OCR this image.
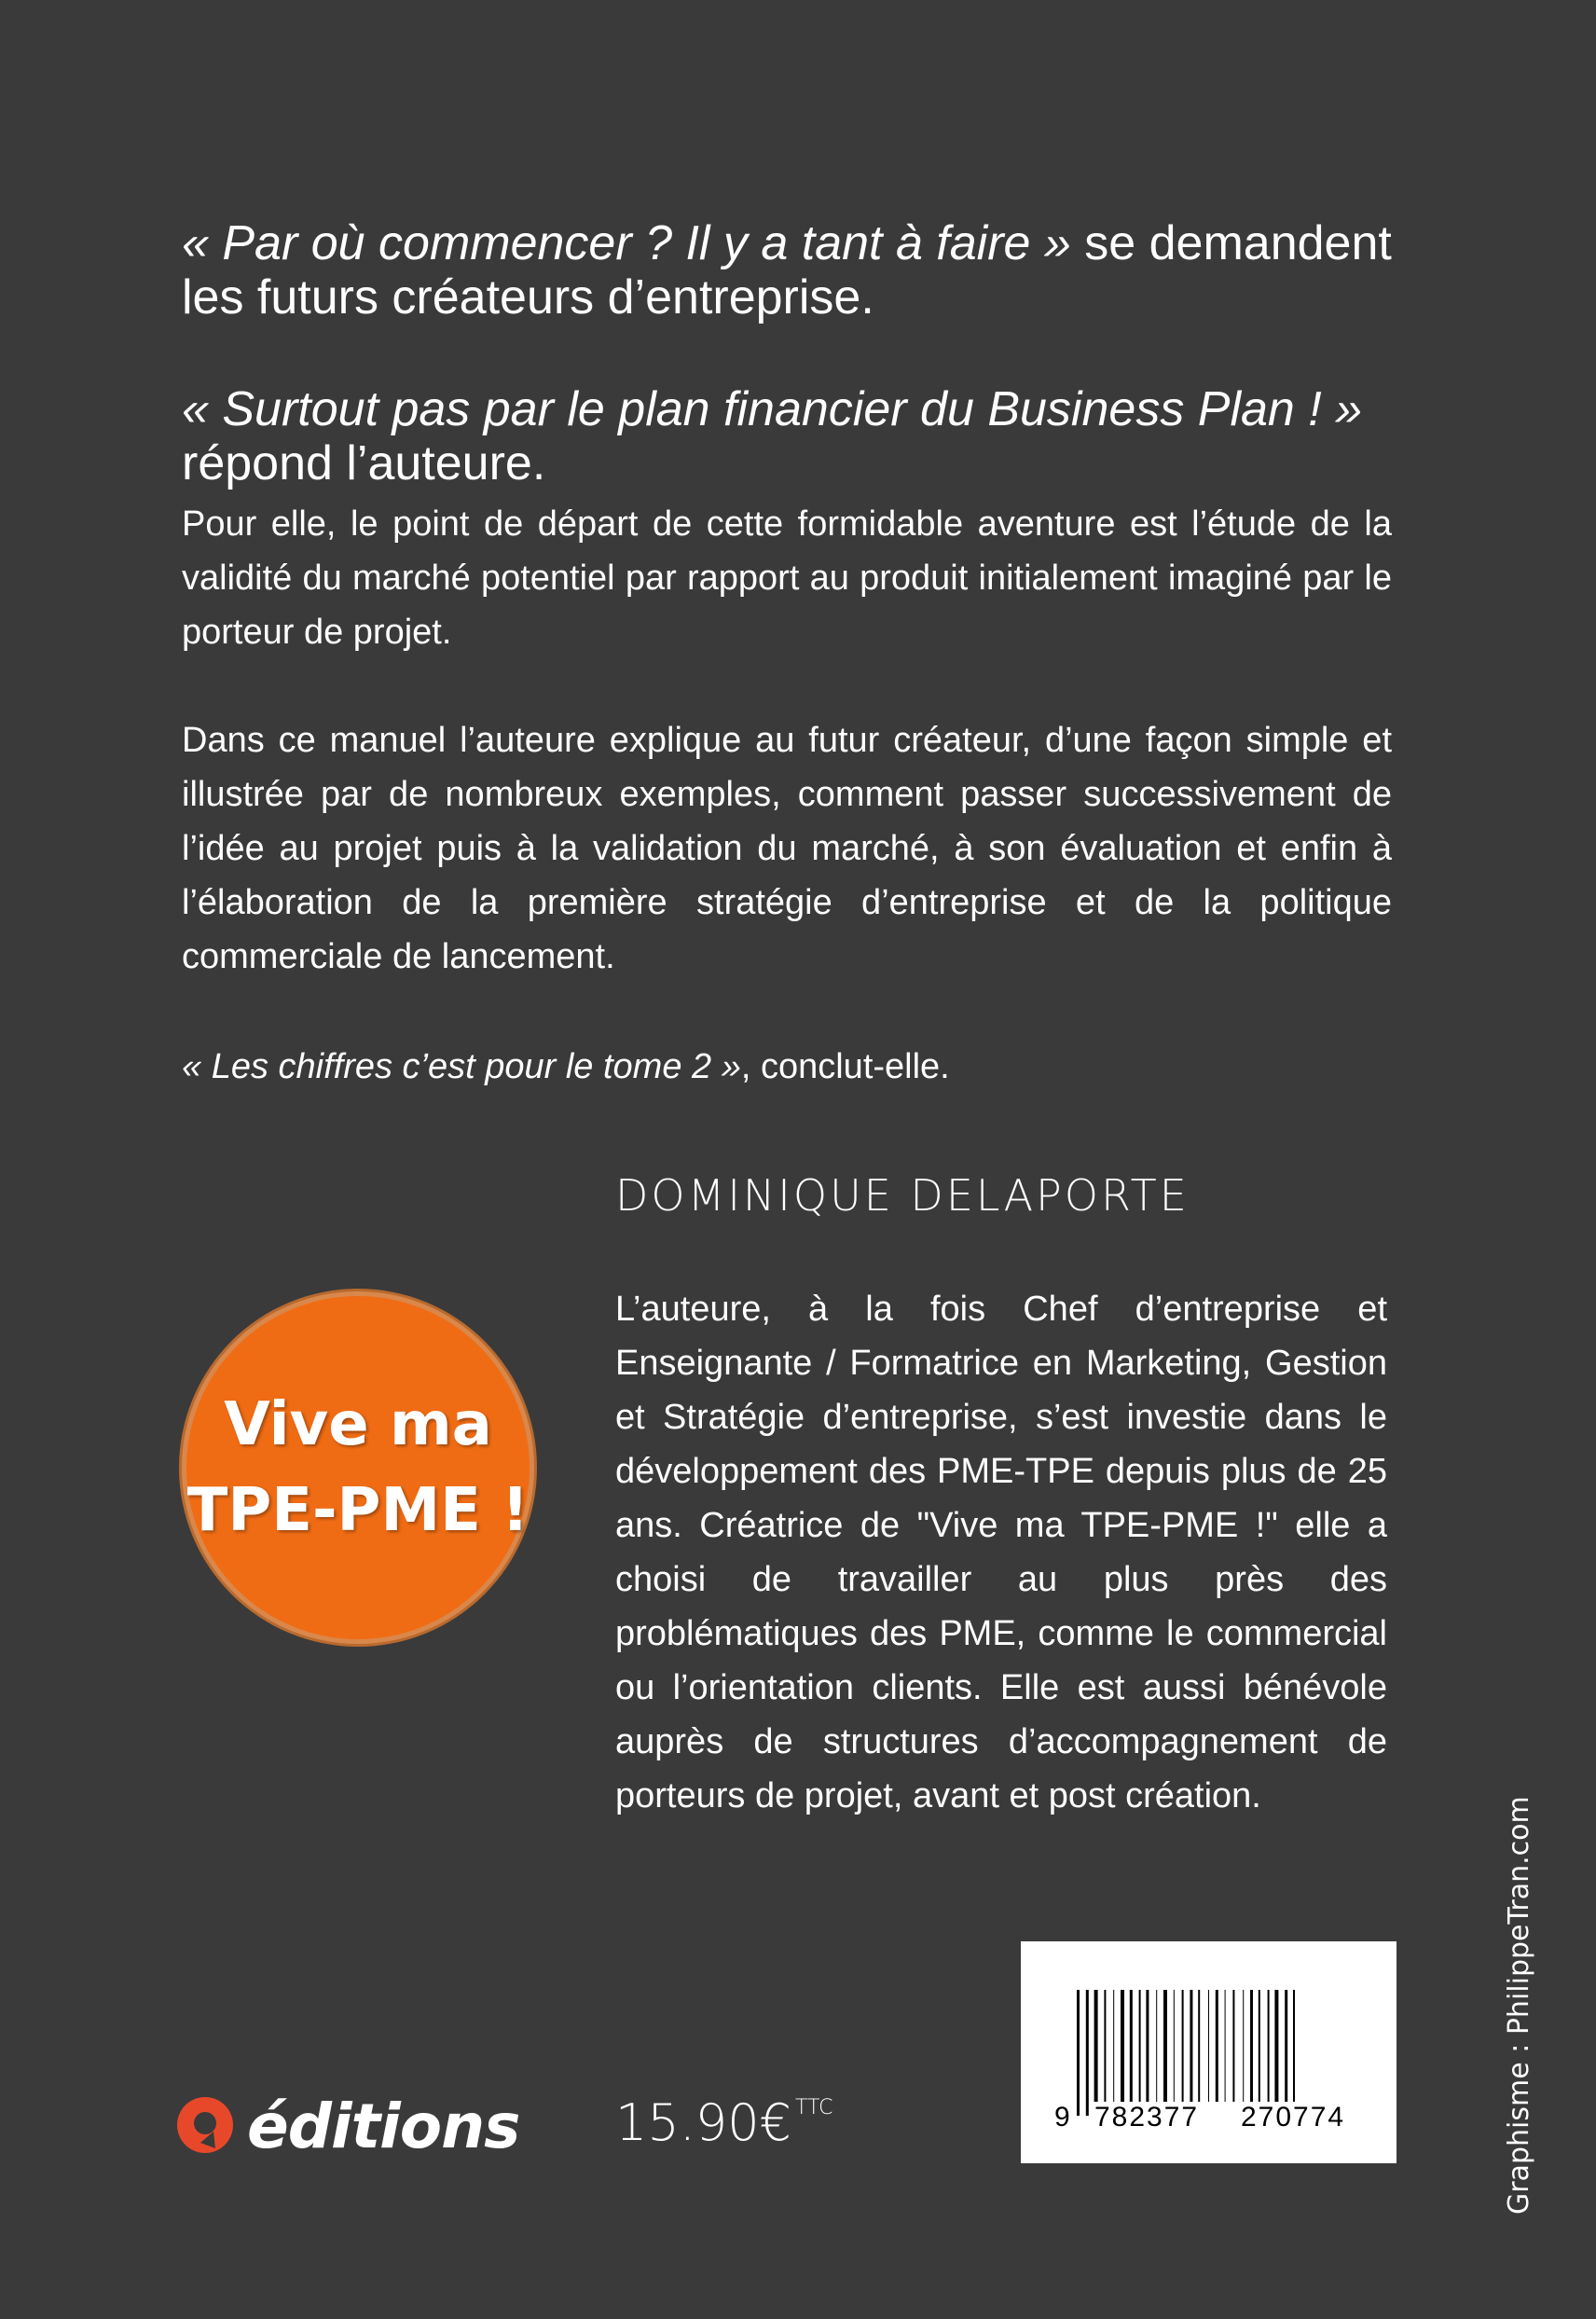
« Par où commencer ? Il y a tant à faire » se demandent les futurs créateurs d’entreprise.
« Surtout pas par le plan financier du Business Plan ! »
répond l’auteure.
Pour elle, le point de départ de cette formidable aventure est l’étude de la validité du marché potentiel par rapport au produit initialement imaginé par le porteur de projet.
Dans ce manuel l’auteure explique au futur créateur, d’une façon simple et illustrée par de nombreux exemples, comment passer successivement de l’idée au projet puis à la validation du marché, à son évaluation et enfin à l’élaboration de la première stratégie d’entreprise et de la politique commerciale de lancement.
« Les chiffres c’est pour le tome 2 », conclut-elle.
DOMINIQUE DELAPORTE
L’auteure, à la fois Chef d’entreprise et Enseignante / Formatrice en Marketing, Gestion et Stratégie d’entreprise, s’est investie dans le développement des PME-TPE depuis plus de 25 ans. Créatrice de "Vive ma TPE-PME !" elle a choisi de travailler au plus près des problématiques des PME, comme le commercial ou l’orientation clients. Elle est aussi bénévole auprès de structures d’accompagnement de porteurs de projet, avant et post création.
Vive ma
TPE-PME !
éditions 15.90€ $^{TTC}$	9 782377 270774	Graphisme : PhilippeTran.com
